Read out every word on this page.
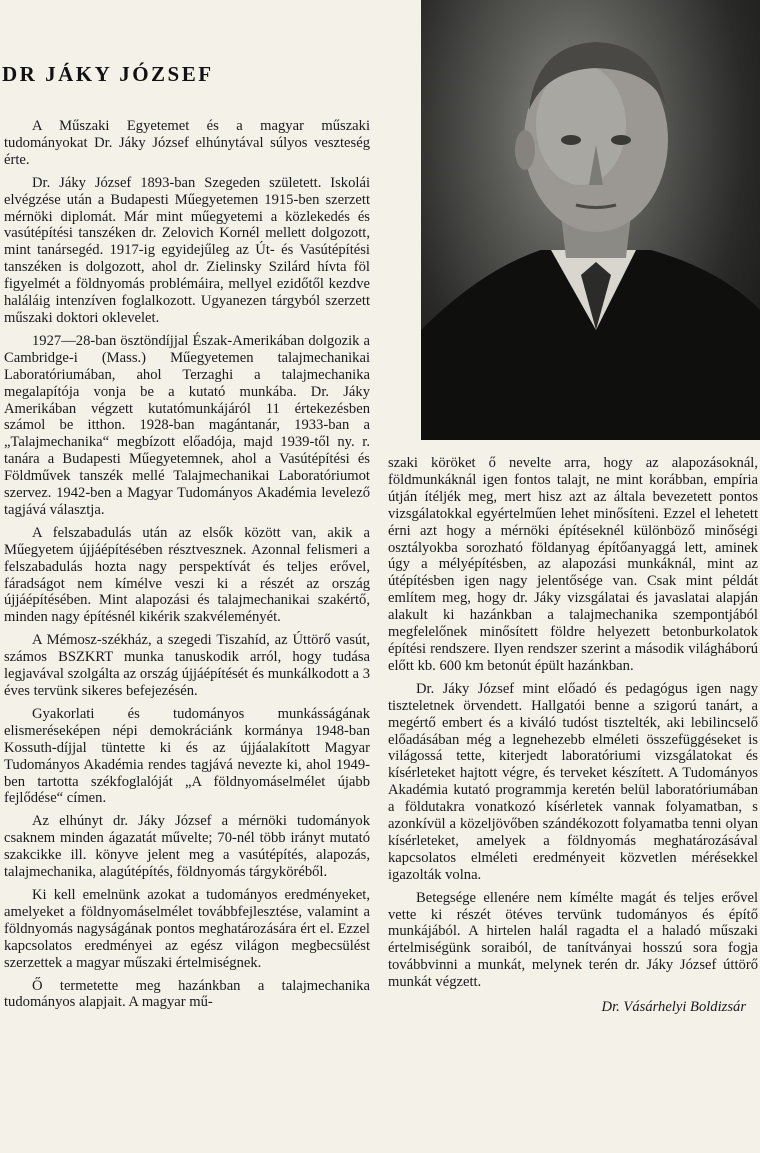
DR JÁKY JÓZSEF

A Műszaki Egyetemet és a magyar műszaki tudományokat Dr. Jáky József elhúnytával súlyos veszteség érte.

Dr. Jáky József 1893-ban Szegeden született. Iskolái elvégzése után a Budapesti Műegyetemen 1915-ben szerzett mérnöki diplomát. Már mint műegyetemi a közlekedés és vasútépítési tanszéken dr. Zelovich Kornél mellett dolgozott, mint tanársegéd. 1917-ig egyidejűleg az Út- és Vasútépítési tanszéken is dolgozott, ahol dr. Zielinsky Szilárd hívta föl figyelmét a földnyomás problémáira, mellyel ezidőtől kezdve haláláig intenzíven foglalkozott. Ugyanezen tárgyból szerzett műszaki doktori oklevelet.

1927—28-ban ösztöndíjjal Észak-Amerikában dolgozik a Cambridge-i (Mass.) Műegyetemen talajmechanikai Laboratóriumában, ahol Terzaghi a talajmechanika megalapítója vonja be a kutató munkába. Dr. Jáky Amerikában végzett kutatómunkájáról 11 értekezésben számol be itthon. 1928-ban magántanár, 1933-ban a „Talajmechanika“ megbízott előadója, majd 1939-től ny. r. tanára a Budapesti Műegyetemnek, ahol a Vasútépítési és Földművek tanszék mellé Talajmechanikai Laboratóriumot szervez. 1942-ben a Magyar Tudományos Akadémia levelező tagjává választja.

A felszabadulás után az elsők között van, akik a Műegyetem újjáépítésében résztvesznek. Azonnal felismeri a felszabadulás hozta nagy perspektívát és teljes erővel, fáradságot nem kímélve veszi ki a részét az ország újjáépítésében. Mint alapozási és talajmechanikai szakértő, minden nagy építésnél kikérik szakvéleményét.

A Mémosz-székház, a szegedi Tiszahíd, az Úttörő vasút, számos BSZKRT munka tanuskodik arról, hogy tudása legjavával szolgálta az ország újjáépítését és munkálkodott a 3 éves tervünk sikeres befejezésén.

Gyakorlati és tudományos munkásságának elismeréseképen népi demokráciánk kormánya 1948-ban Kossuth-díjjal tüntette ki és az újjáalakított Magyar Tudományos Akadémia rendes tagjává nevezte ki, ahol 1949-ben tartotta székfoglalóját „A földnyomáselmélet újabb fejlődése“ címen.

Az elhúnyt dr. Jáky József a mérnöki tudományok csaknem minden ágazatát művelte; 70-nél több irányt mutató szakcikke ill. könyve jelent meg a vasútépítés, alapozás, talajmechanika, alagútépítés, földnyomás tárgyköréből.

Ki kell emelnünk azokat a tudományos eredményeket, amelyeket a földnyomáselmélet továbbfejlesztése, valamint a földnyomás nagyságának pontos meghatározására ért el. Ezzel kapcsolatos eredményei az egész világon megbecsülést szerzettek a magyar műszaki értelmiségnek.

Ő termetette meg hazánkban a talajmechanika tudományos alapjait. A magyar mű-

szaki köröket ő nevelte arra, hogy az alapozásoknál, földmunkáknál igen fontos talajt, ne mint korábban, empíria útján ítéljék meg, mert hisz azt az általa bevezetett pontos vizsgálatokkal egyértelműen lehet minősíteni. Ezzel el lehetett érni azt hogy a mérnöki építéseknél különböző minőségi osztályokba sorozható földanyag építőanyaggá lett, aminek úgy a mélyépítésben, az alapozási munkáknál, mint az útépítésben igen nagy jelentősége van. Csak mint példát említem meg, hogy dr. Jáky vizsgálatai és javaslatai alapján alakult ki hazánkban a talajmechanika szempontjából megfelelőnek minősített földre helyezett betonburkolatok építési rendszere. Ilyen rendszer szerint a második világháború előtt kb. 600 km betonút épült hazánkban.

Dr. Jáky József mint előadó és pedagógus igen nagy tiszteletnek örvendett. Hallgatói benne a szigorú tanárt, a megértő embert és a kiváló tudóst tisztelték, aki lebilincselő előadásában még a legnehezebb elméleti összefüggéseket is világossá tette, kiterjedt laboratóriumi vizsgálatokat és kísérleteket hajtott végre, és terveket készített. A Tudományos Akadémia kutató programmja keretén belül laboratóriumában a földutakra vonatkozó kísérletek vannak folyamatban, s azonkívül a közeljövőben szándékozott folyamatba tenni olyan kísérleteket, amelyek a földnyomás meghatározásával kapcsolatos elméleti eredményeit közvetlen mérésekkel igazolták volna.

Betegsége ellenére nem kímélte magát és teljes erővel vette ki részét ötéves tervünk tudományos és építő munkájából. A hirtelen halál ragadta el a haladó műszaki értelmiségünk soraiból, de tanítványai hosszú sora fogja továbbvinni a munkát, melynek terén dr. Jáky József úttörő munkát végzett.

Dr. Vásárhelyi Boldizsár
